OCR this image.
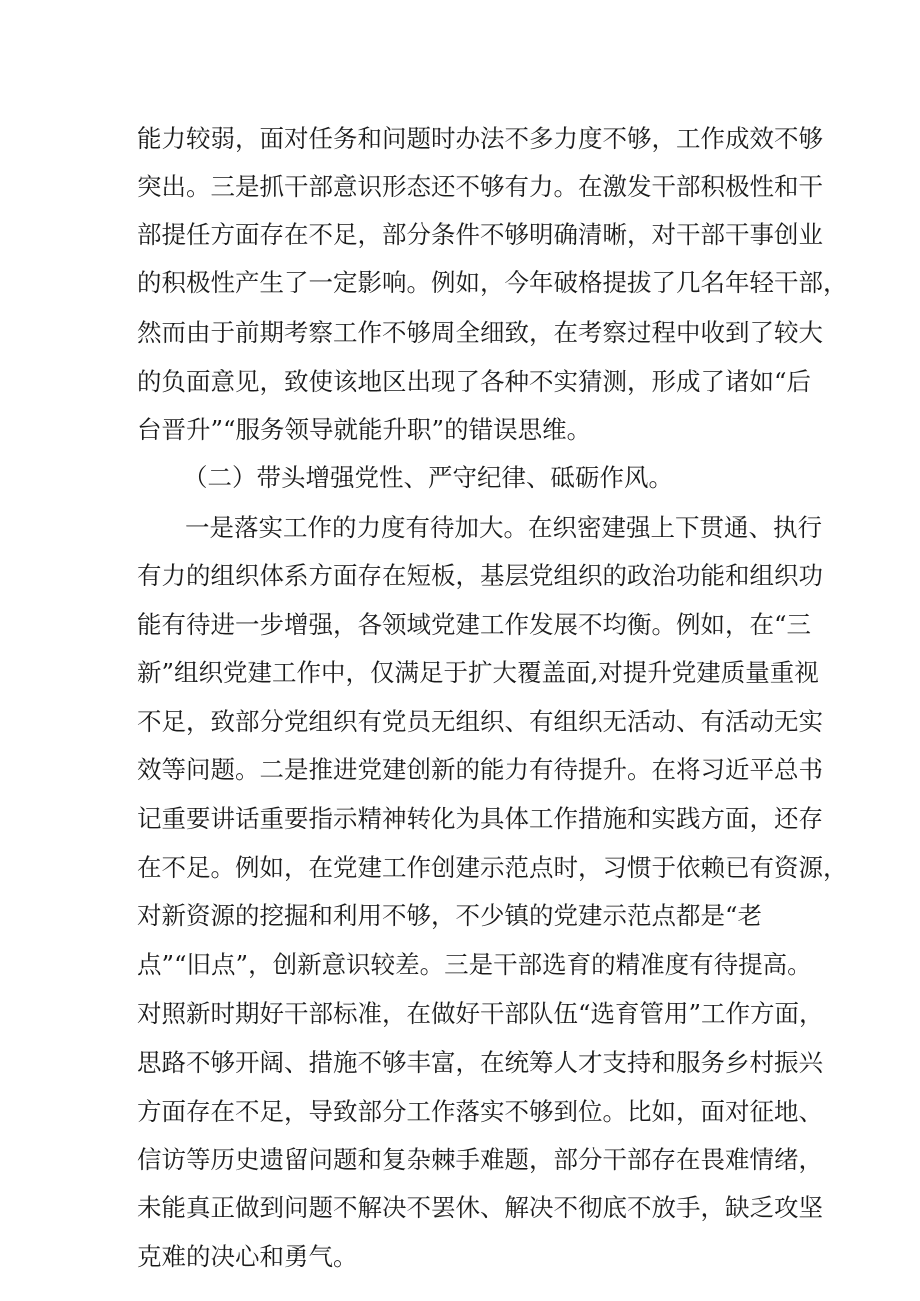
能力较弱，面对任务和问题时办法不多力度不够，工作成效不够
突出。三是抓干部意识形态还不够有力。在激发干部积极性和干
部提任方面存在不足，部分条件不够明确清晰，对干部干事创业
的积极性产生了一定影响。例如，今年破格提拔了几名年轻干部，
然而由于前期考察工作不够周全细致，在考察过程中收到了较大
的负面意见，致使该地区出现了各种不实猜测，形成了诸如“后
台晋升”“服务领导就能升职”的错误思维。
（二）带头增强党性、严守纪律、砥砺作风。
一是落实工作的力度有待加大。在织密建强上下贯通、执行
有力的组织体系方面存在短板，基层党组织的政治功能和组织功
能有待进一步增强，各领域党建工作发展不均衡。例如，在“三
新”组织党建工作中，仅满足于扩大覆盖面,对提升党建质量重视
不足，致部分党组织有党员无组织、有组织无活动、有活动无实
效等问题。二是推进党建创新的能力有待提升。在将习近平总书
记重要讲话重要指示精神转化为具体工作措施和实践方面，还存
在不足。例如，在党建工作创建示范点时，习惯于依赖已有资源，
对新资源的挖掘和利用不够，不少镇的党建示范点都是“老
点”“旧点”，创新意识较差。三是干部选育的精准度有待提高。
对照新时期好干部标准，在做好干部队伍“选育管用”工作方面，
思路不够开阔、措施不够丰富，在统筹人才支持和服务乡村振兴
方面存在不足，导致部分工作落实不够到位。比如，面对征地、
信访等历史遗留问题和复杂棘手难题，部分干部存在畏难情绪，
未能真正做到问题不解决不罢休、解决不彻底不放手，缺乏攻坚
克难的决心和勇气。
